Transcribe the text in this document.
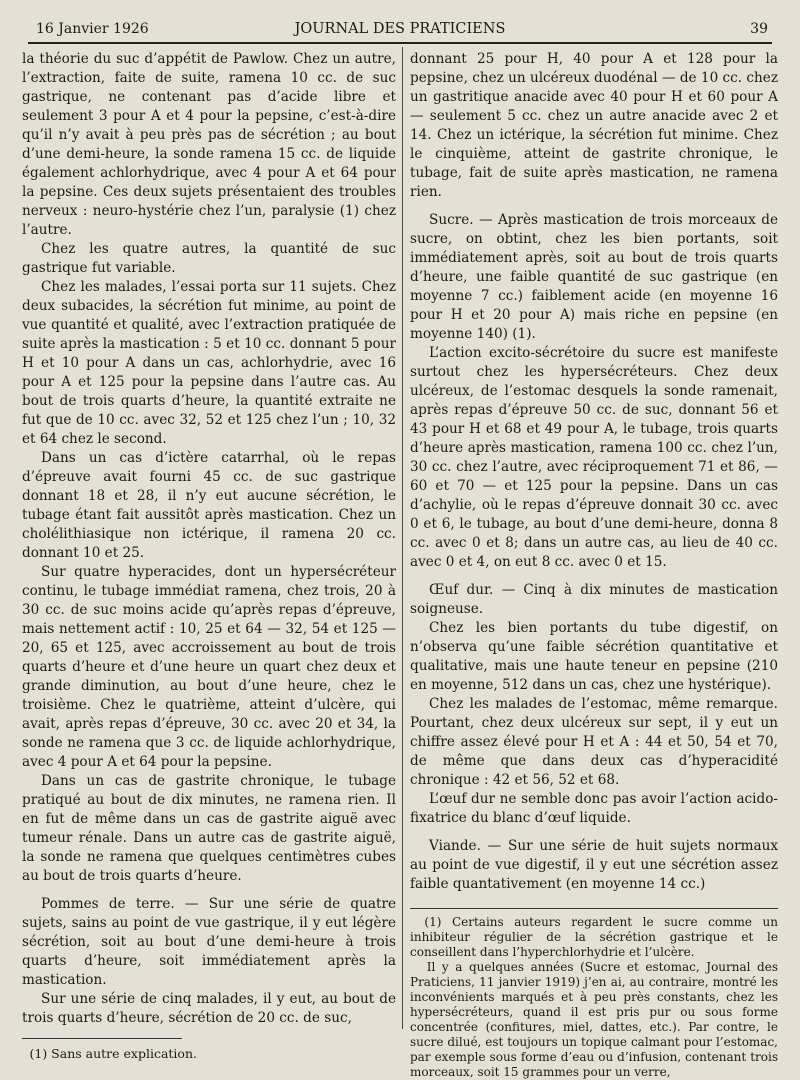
16 Janvier 1926	JOURNAL DES PRATICIENS	39

la théorie du suc d’appétit de Pawlow. Chez un autre, l’extraction, faite de suite, ramena 10 cc. de suc gastrique, ne contenant pas d’acide libre et seulement 3 pour A et 4 pour la pepsine, c’est-à-dire qu’il n’y avait à peu près pas de sécrétion ; au bout d’une demi-heure, la sonde ramena 15 cc. de liquide également achlorhydrique, avec 4 pour A et 64 pour la pepsine. Ces deux sujets présentaient des troubles nerveux : neuro-hystérie chez l’un, paralysie (1) chez l’autre.

Chez les quatre autres, la quantité de suc gastrique fut variable.

Chez les malades, l’essai porta sur 11 sujets. Chez deux subacides, la sécrétion fut minime, au point de vue quantité et qualité, avec l’extraction pratiquée de suite après la mastication : 5 et 10 cc. donnant 5 pour H et 10 pour A dans un cas, achlorhydrie, avec 16 pour A et 125 pour la pepsine dans l’autre cas. Au bout de trois quarts d’heure, la quantité extraite ne fut que de 10 cc. avec 32, 52 et 125 chez l’un ; 10, 32 et 64 chez le second.

Dans un cas d’ictère catarrhal, où le repas d’épreuve avait fourni 45 cc. de suc gastrique donnant 18 et 28, il n’y eut aucune sécrétion, le tubage étant fait aussitôt après mastication. Chez un cholélithiasique non ictérique, il ramena 20 cc. donnant 10 et 25.

Sur quatre hyperacides, dont un hypersécréteur continu, le tubage immédiat ramena, chez trois, 20 à 30 cc. de suc moins acide qu’après repas d’épreuve, mais nettement actif : 10, 25 et 64 — 32, 54 et 125 — 20, 65 et 125, avec accroissement au bout de trois quarts d’heure et d’une heure un quart chez deux et grande diminution, au bout d’une heure, chez le troisième. Chez le quatrième, atteint d’ulcère, qui avait, après repas d’épreuve, 30 cc. avec 20 et 34, la sonde ne ramena que 3 cc. de liquide achlorhydrique, avec 4 pour A et 64 pour la pepsine.

Dans un cas de gastrite chronique, le tubage pratiqué au bout de dix minutes, ne ramena rien. Il en fut de même dans un cas de gastrite aiguë avec tumeur rénale. Dans un autre cas de gastrite aiguë, la sonde ne ramena que quelques centimètres cubes au bout de trois quarts d’heure.

Pommes de terre. — Sur une série de quatre sujets, sains au point de vue gastrique, il y eut légère sécrétion, soit au bout d’une demi-heure à trois quarts d’heure, soit immédiatement après la mastication.

Sur une série de cinq malades, il y eut, au bout de trois quarts d’heure, sécrétion de 20 cc. de suc,

(1) Sans autre explication.

donnant 25 pour H, 40 pour A et 128 pour la pepsine, chez un ulcéreux duodénal — de 10 cc. chez un gastritique anacide avec 40 pour H et 60 pour A — seulement 5 cc. chez un autre anacide avec 2 et 14. Chez un ictérique, la sécrétion fut minime. Chez le cinquième, atteint de gastrite chronique, le tubage, fait de suite après mastication, ne ramena rien.

Sucre. — Après mastication de trois morceaux de sucre, on obtint, chez les bien portants, soit immédiatement après, soit au bout de trois quarts d’heure, une faible quantité de suc gastrique (en moyenne 7 cc.) faiblement acide (en moyenne 16 pour H et 20 pour A) mais riche en pepsine (en moyenne 140) (1).

L’action excito-sécrétoire du sucre est manifeste surtout chez les hypersécréteurs. Chez deux ulcéreux, de l’estomac desquels la sonde ramenait, après repas d’épreuve 50 cc. de suc, donnant 56 et 43 pour H et 68 et 49 pour A, le tubage, trois quarts d’heure après mastication, ramena 100 cc. chez l’un, 30 cc. chez l’autre, avec réciproquement 71 et 86, — 60 et 70 — et 125 pour la pepsine. Dans un cas d’achylie, où le repas d’épreuve donnait 30 cc. avec 0 et 6, le tubage, au bout d’une demi-heure, donna 8 cc. avec 0 et 8; dans un autre cas, au lieu de 40 cc. avec 0 et 4, on eut 8 cc. avec 0 et 15.

Œuf dur. — Cinq à dix minutes de mastication soigneuse.

Chez les bien portants du tube digestif, on n’observa qu’une faible sécrétion quantitative et qualitative, mais une haute teneur en pepsine (210 en moyenne, 512 dans un cas, chez une hystérique).

Chez les malades de l’estomac, même remarque. Pourtant, chez deux ulcéreux sur sept, il y eut un chiffre assez élevé pour H et A : 44 et 50, 54 et 70, de même que dans deux cas d’hyperacidité chronique : 42 et 56, 52 et 68.

L’œuf dur ne semble donc pas avoir l’action acido-fixatrice du blanc d’œuf liquide.

Viande. — Sur une série de huit sujets normaux au point de vue digestif, il y eut une sécrétion assez faible quantativement (en moyenne 14 cc.)

(1) Certains auteurs regardent le sucre comme un inhibiteur régulier de la sécrétion gastrique et le conseillent dans l’hyperchlorhydrie et l’ulcère.

Il y a quelques années (Sucre et estomac, Journal des Praticiens, 11 janvier 1919) j’en ai, au contraire, montré les inconvénients marqués et à peu près constants, chez les hypersécréteurs, quand il est pris pur ou sous forme concentrée (confitures, miel, dattes, etc.). Par contre, le sucre dilué, est toujours un topique calmant pour l’estomac, par exemple sous forme d’eau ou d’infusion, contenant trois morceaux, soit 15 grammes pour un verre,
